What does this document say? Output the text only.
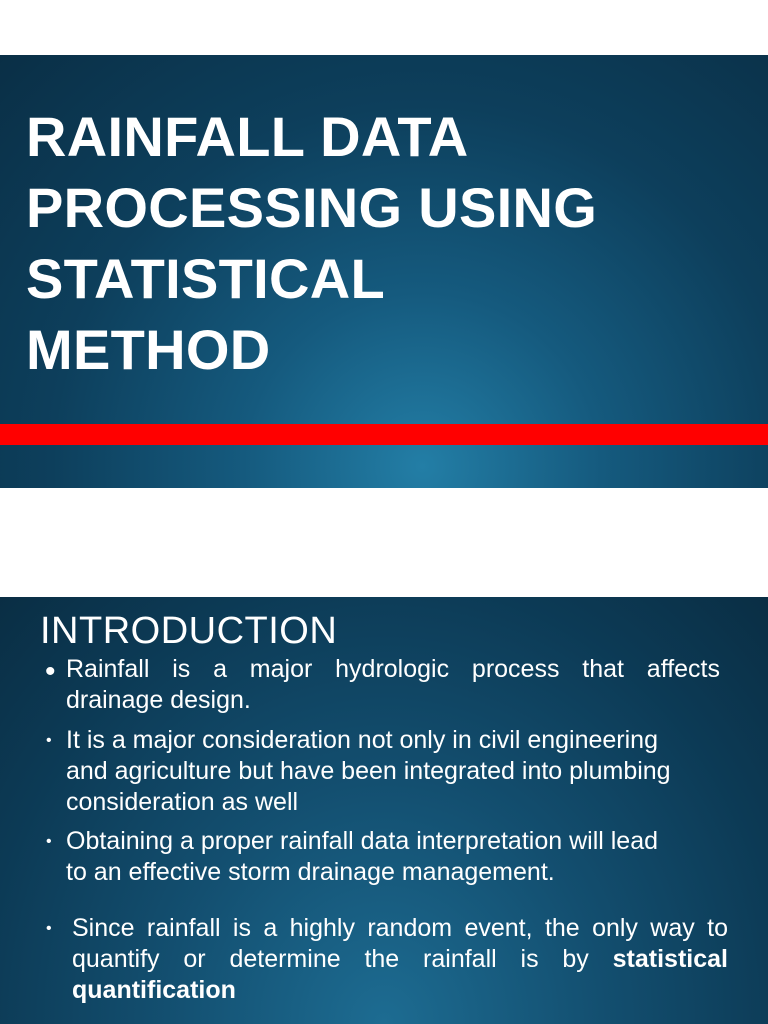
RAINFALL DATA
PROCESSING USING
STATISTICAL
METHOD
INTRODUCTION
• Rainfall is a major hydrologic process that affects
drainage design.
• It is a major consideration not only in civil engineering
and agriculture but have been integrated into plumbing
consideration as well
• Obtaining a proper rainfall data interpretation will lead
to an effective storm drainage management.
• Since rainfall is a highly random event, the only way to
quantify or determine the rainfall is by statistical
quantification
